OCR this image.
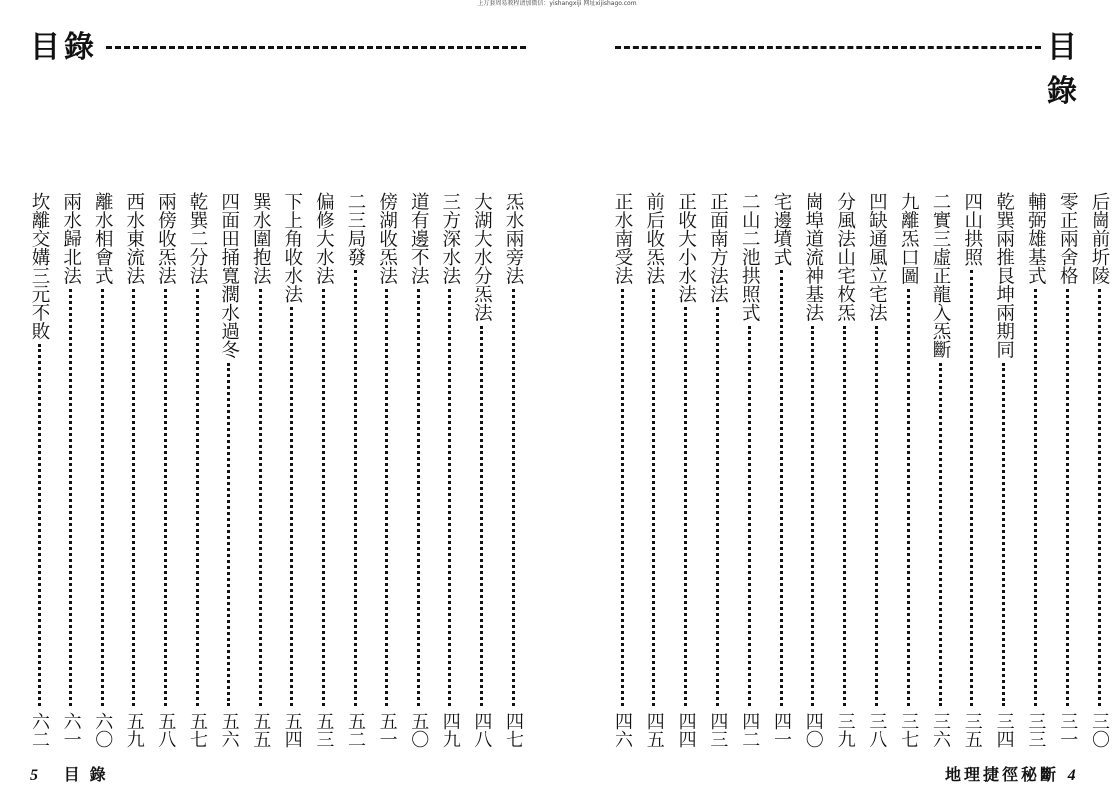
上万套周易教程请加微信：yishangxiji 网址xijishago.com
目錄
坎離交媾三元不敗
六二
兩水歸北法
六一
離水相會式
六〇
西水東流法
五九
兩傍收炁法
五八
乾巽二分法
五七
四面田捅寬濶水過冬
五六
巽水圍抱法
五五
下上角收水法
五四
偏修大水法
五三
二三局發
五二
傍湖收炁法
五一
道有邊不法
五〇
三方深水法
四九
大湖大水分炁法
四八
炁水兩旁法
四七
5 目錄
目錄
正水南受法
四六
前后收炁法
四五
正收大小水法
四四
正面南方法法
四三
二山二池拱照式
四二
宅邊墳式
四一
崗埠道流神基法
四〇
分風法山宅枚炁
三九
凹缺通風立宅法
三八
九離炁口圖
三七
二實三虛正龍入炁斷
三六
四山拱照
三五
乾巽兩推艮坤兩期同
三四
輔弼雄基式
三三
零正兩舍格
三一
后崗前圻陵
三〇
地理捷徑秘斷 4
